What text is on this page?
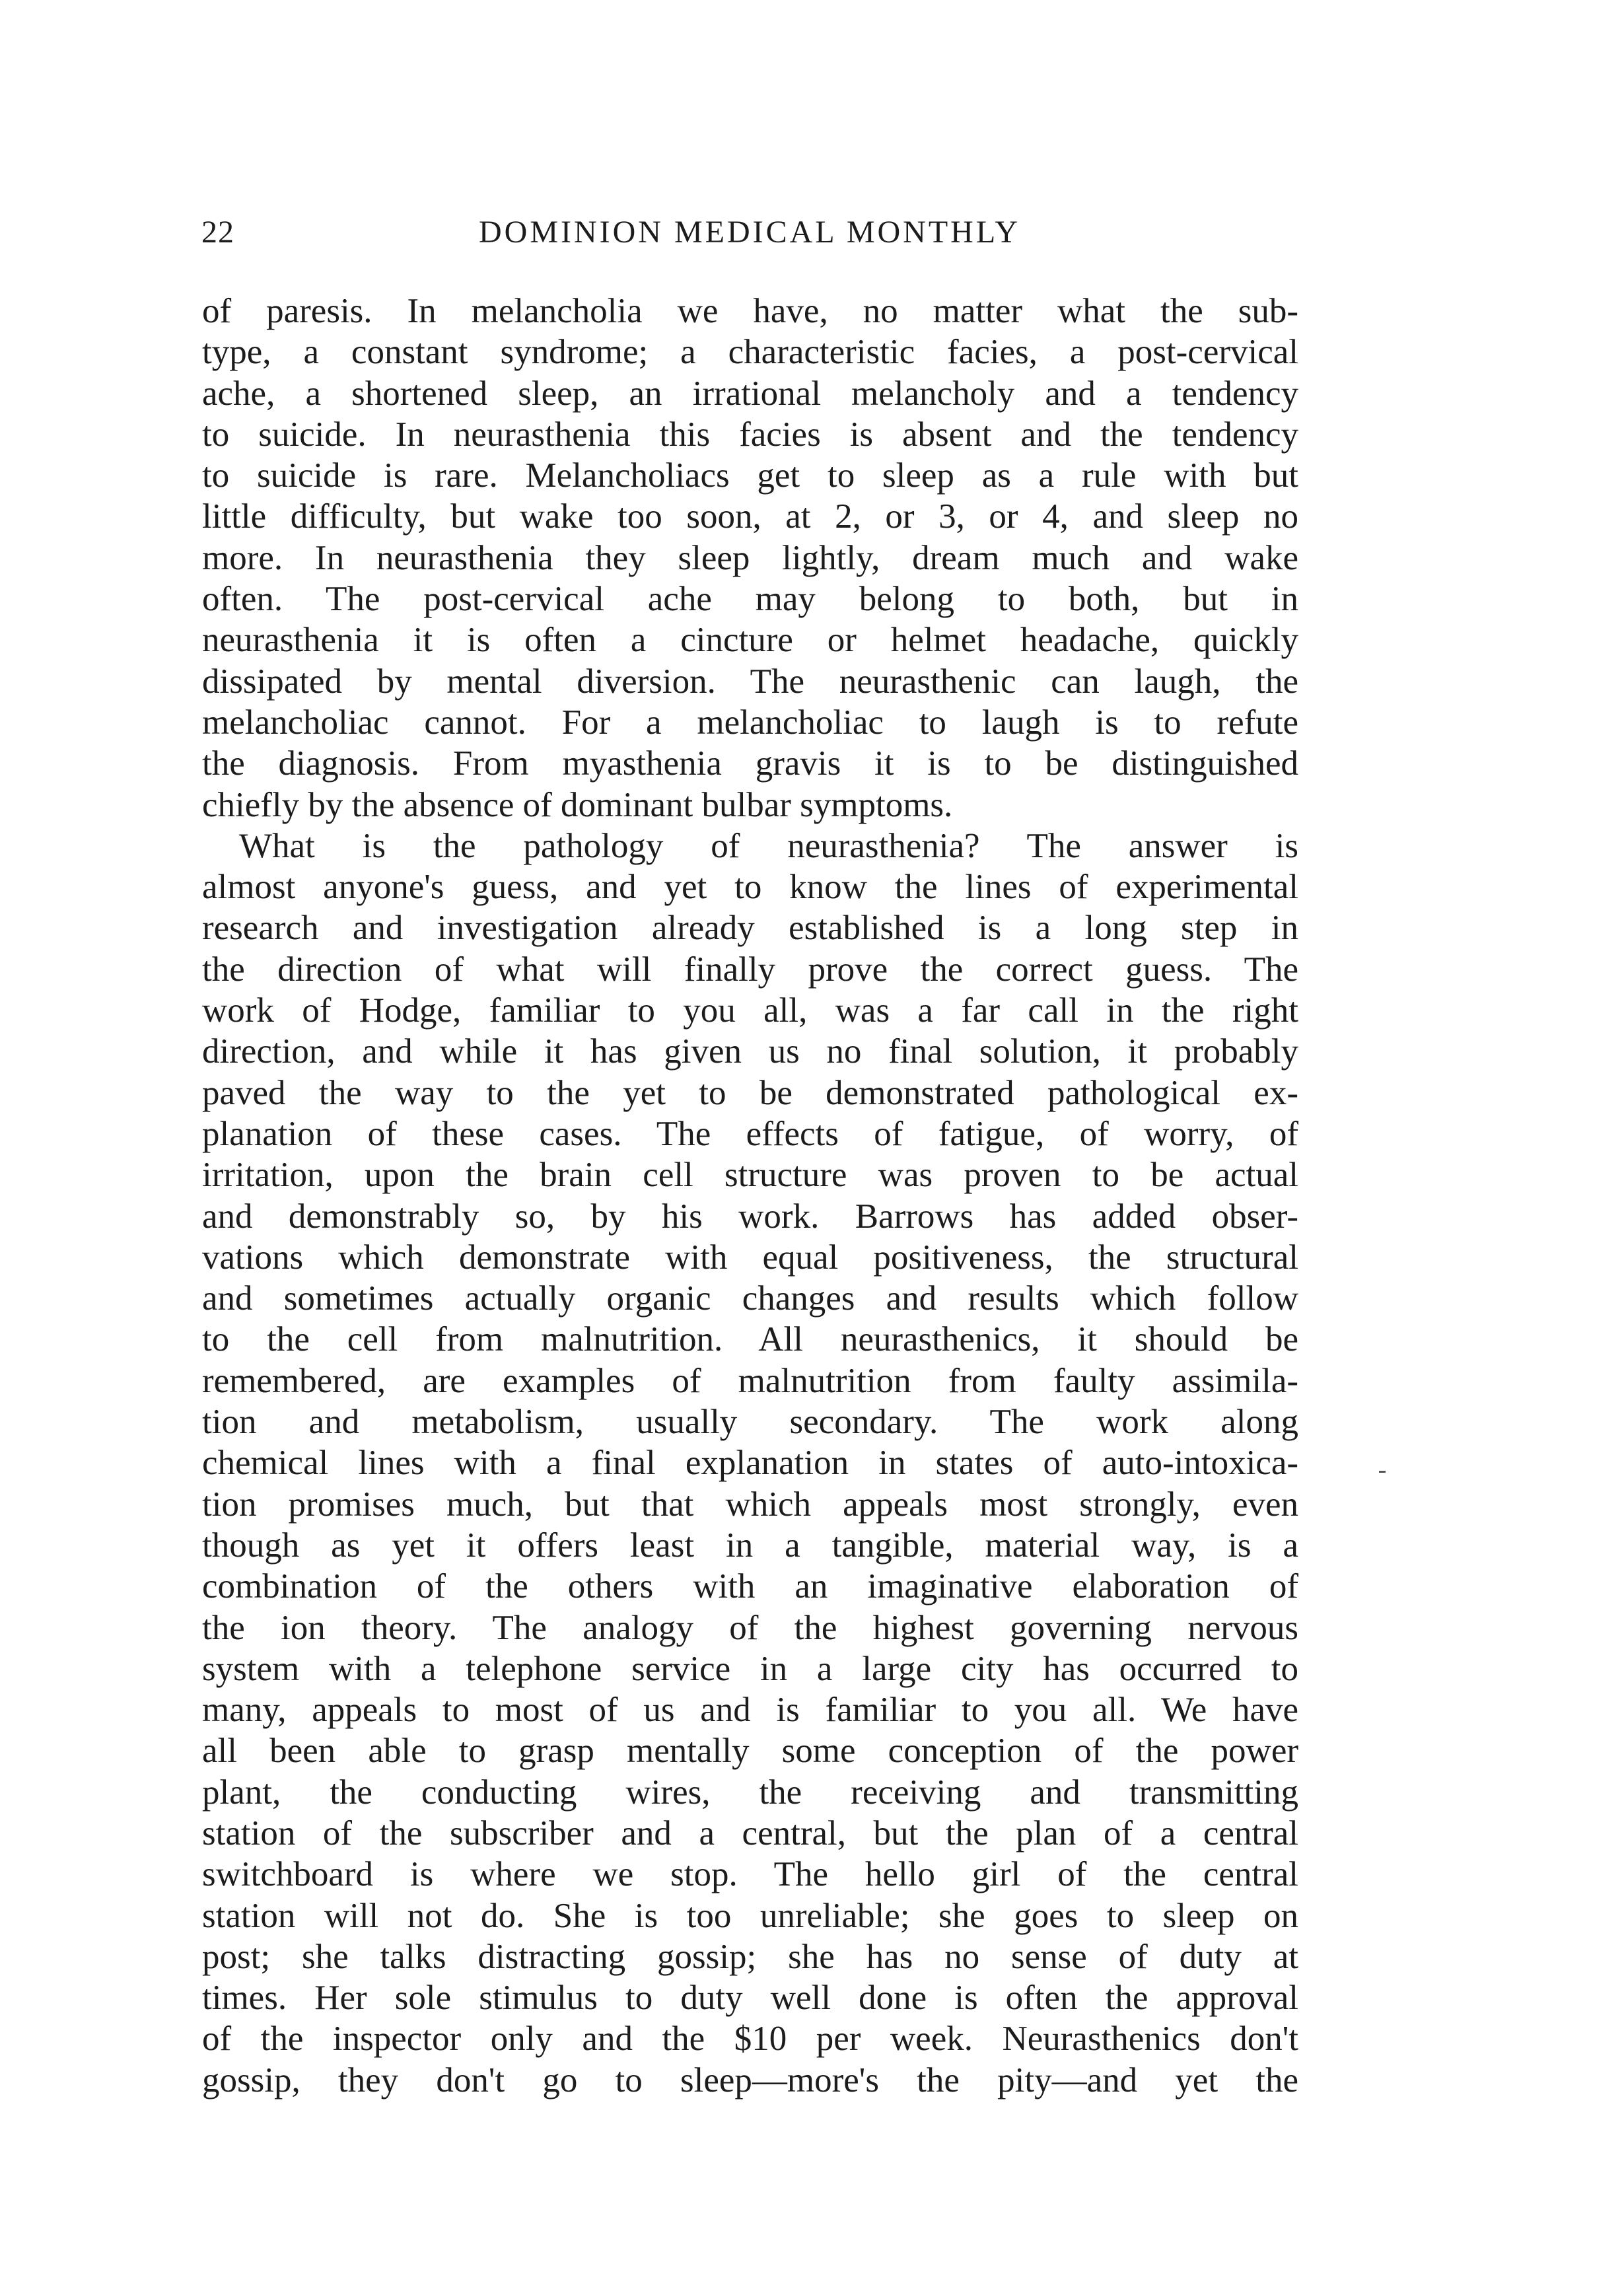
22	DOMINION MEDICAL MONTHLY
of paresis. In melancholia we have, no matter what the sub-
type, a constant syndrome; a characteristic facies, a post-cervical
ache, a shortened sleep, an irrational melancholy and a tendency
to suicide. In neurasthenia this facies is absent and the tendency
to suicide is rare. Melancholiacs get to sleep as a rule with but
little difficulty, but wake too soon, at 2, or 3, or 4, and sleep no
more. In neurasthenia they sleep lightly, dream much and wake
often. The post-cervical ache may belong to both, but in
neurasthenia it is often a cincture or helmet headache, quickly
dissipated by mental diversion. The neurasthenic can laugh, the
melancholiac cannot. For a melancholiac to laugh is to refute
the diagnosis. From myasthenia gravis it is to be distinguished
chiefly by the absence of dominant bulbar symptoms.
What is the pathology of neurasthenia? The answer is
almost anyone's guess, and yet to know the lines of experimental
research and investigation already established is a long step in
the direction of what will finally prove the correct guess. The
work of Hodge, familiar to you all, was a far call in the right
direction, and while it has given us no final solution, it probably
paved the way to the yet to be demonstrated pathological ex-
planation of these cases. The effects of fatigue, of worry, of
irritation, upon the brain cell structure was proven to be actual
and demonstrably so, by his work. Barrows has added obser-
vations which demonstrate with equal positiveness, the structural
and sometimes actually organic changes and results which follow
to the cell from malnutrition. All neurasthenics, it should be
remembered, are examples of malnutrition from faulty assimila-
tion and metabolism, usually secondary. The work along
chemical lines with a final explanation in states of auto-intoxica-
tion promises much, but that which appeals most strongly, even
though as yet it offers least in a tangible, material way, is a
combination of the others with an imaginative elaboration of
the ion theory. The analogy of the highest governing nervous
system with a telephone service in a large city has occurred to
many, appeals to most of us and is familiar to you all. We have
all been able to grasp mentally some conception of the power
plant, the conducting wires, the receiving and transmitting
station of the subscriber and a central, but the plan of a central
switchboard is where we stop. The hello girl of the central
station will not do. She is too unreliable; she goes to sleep on
post; she talks distracting gossip; she has no sense of duty at
times. Her sole stimulus to duty well done is often the approval
of the inspector only and the $10 per week. Neurasthenics don't
gossip, they don't go to sleep—more's the pity—and yet the
